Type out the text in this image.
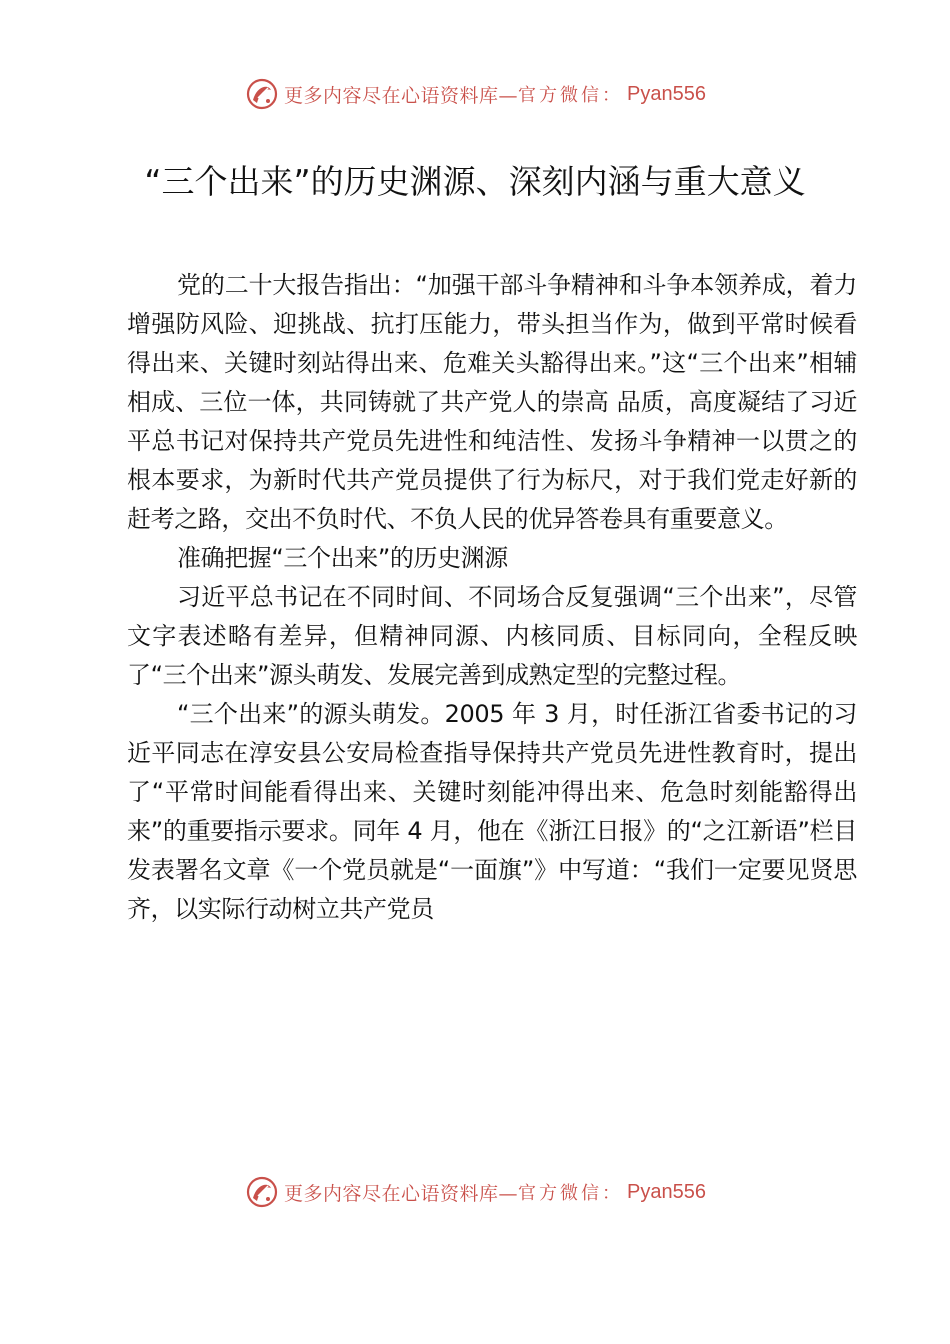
更多内容尽在心语资料库— 官方微信： Pyan556
“三个出来”的历史渊源、深刻内涵与重大意义

党的二十大报告指出：“加强干部斗争精神和斗争本领养成，着力增强防风险、迎挑战、抗打压能力，带头担当作为，做到平常时候看得出来、关键时刻站得出来、危难关头豁得出来。”这“三个出来”相辅相成、三位一体，共同铸就了共产党人的崇高 品质，高度凝结了习近平总书记对保持共产党员先进性和纯洁性、发扬斗争精神一以贯之的根本要求，为新时代共产党员提供了行为标尺，对于我们党走好新的赶考之路，交出不负时代、不负人民的优异答卷具有重要意义。

准确把握“三个出来”的历史渊源

习近平总书记在不同时间、不同场合反复强调“三个出来”，尽管文字表述略有差异，但精神同源、内核同质、目标同向，全程反映了“三个出来”源头萌发、发展完善到成熟定型的完整过程。

“三个出来”的源头萌发。2005 年 3 月，时任浙江省委书记的习近平同志在淳安县公安局检查指导保持共产党员先进性教育时，提出了“平常时间能看得出来、关键时刻能冲得出来、危急时刻能豁得出来”的重要指示要求。同年 4 月，他在《浙江日报》的“之江新语”栏目发表署名文章《一个党员就是“一面旗”》中写道：“我们一定要见贤思齐，以实际行动树立共产党员

更多内容尽在心语资料库— 官方微信： Pyan556
